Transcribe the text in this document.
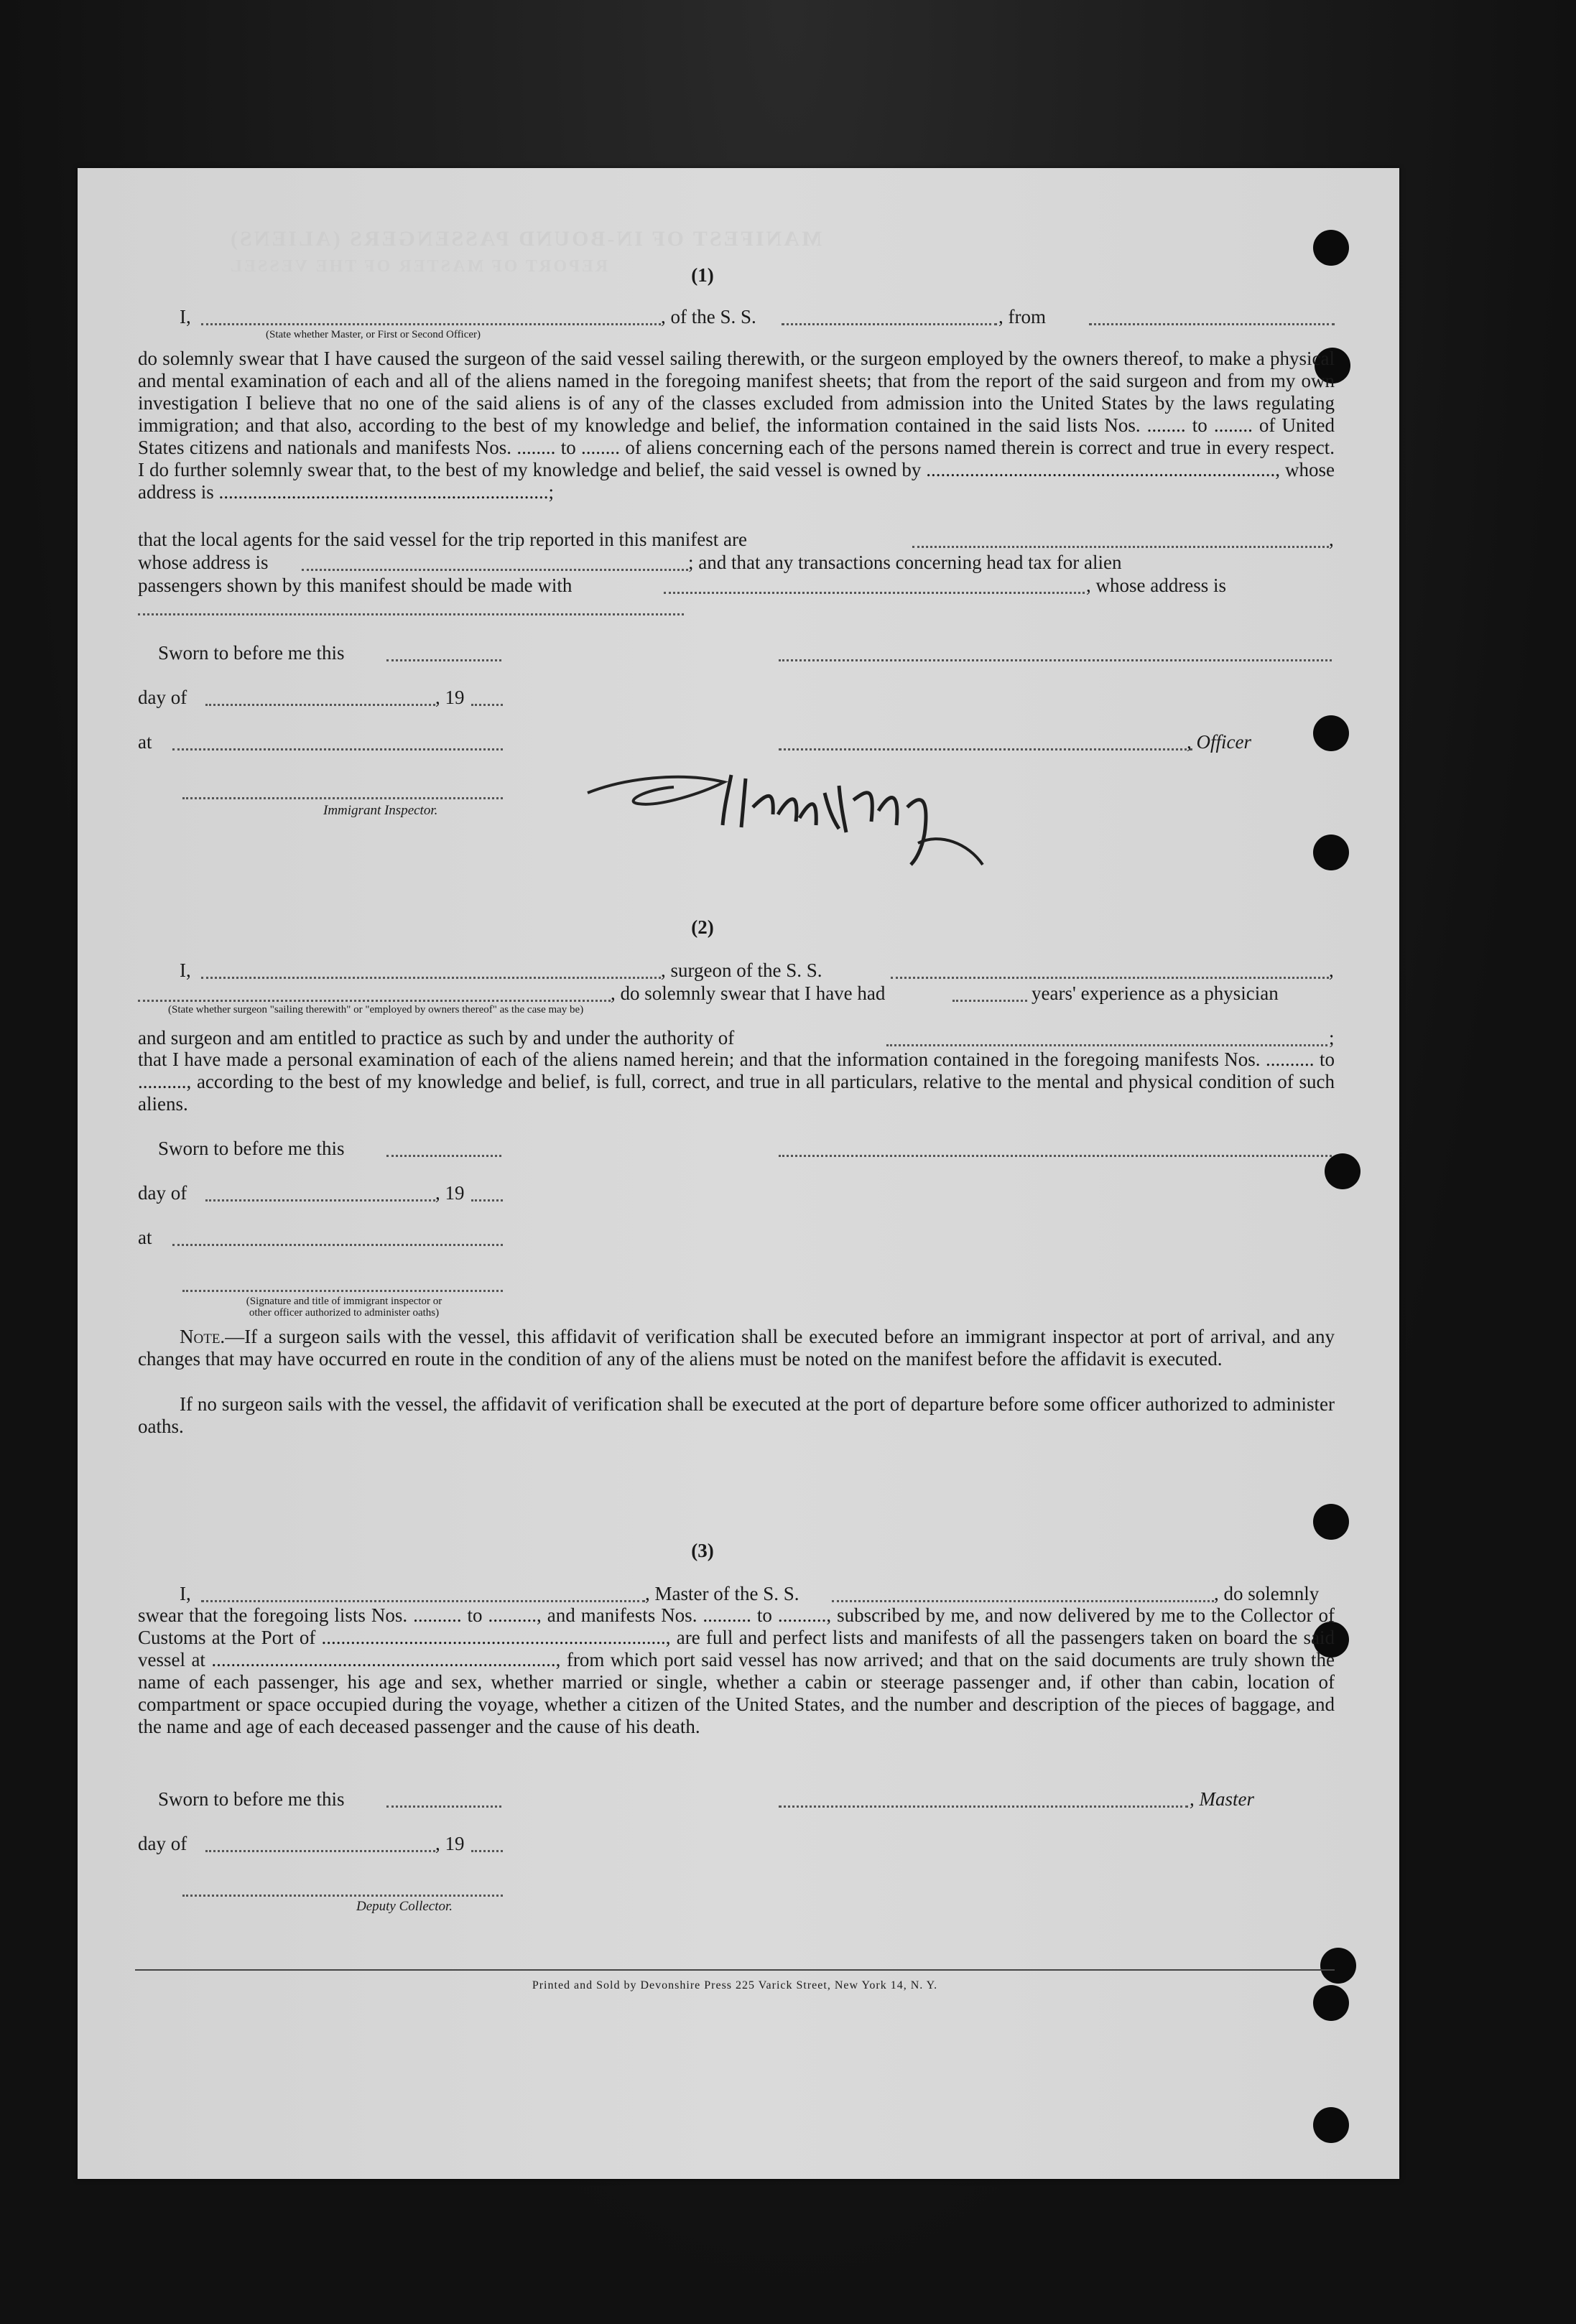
MANIFEST OF IN-BOUND PASSENGERS (ALIENS)
REPORT OF MASTER OF THE VESSEL	(1)
I,	, of the S. S.	, from
(State whether Master, or First or Second Officer)
do solemnly swear that I have caused the surgeon of the said vessel sailing therewith, or the surgeon employed by the owners thereof, to make a physical and mental examination of each and all of the aliens named in the foregoing manifest sheets; that from the report of the said surgeon and from my own investigation I believe that no one of the said aliens is of any of the classes excluded from admission into the United States by the laws regulating immigration; and that also, according to the best of my knowledge and belief, the information contained in the said lists Nos. ........ to ........ of United States citizens and nationals and manifests Nos. ........ to ........ of aliens concerning each of the persons named therein is correct and true in every respect. I do further solemnly swear that, to the best of my knowledge and belief, the said vessel is owned by ........................................................................, whose address is ....................................................................;
that the local agents for the said vessel for the trip reported in this manifest are	,
whose address is	; and that any transactions concerning head tax for alien
passengers shown by this manifest should be made with	, whose address is
Sworn to before me this
day of	, 19
at	, Officer
Immigrant Inspector.
(2)
I,	, surgeon of the S. S.	,
, do solemnly swear that I have had	years' experience as a physician
(State whether surgeon "sailing therewith" or "employed by owners thereof" as the case may be)
and surgeon and am entitled to practice as such by and under the authority of	;
that I have made a personal examination of each of the aliens named herein; and that the information contained in the foregoing manifests Nos. .......... to .........., according to the best of my knowledge and belief, is full, correct, and true in all particulars, relative to the mental and physical condition of such aliens.
Sworn to before me this
day of	, 19
at
(Signature and title of immigrant inspector or
other officer authorized to administer oaths)
Note.—If a surgeon sails with the vessel, this affidavit of verification shall be executed before an immigrant inspector at port of arrival, and any changes that may have occurred en route in the condition of any of the aliens must be noted on the manifest before the affidavit is executed.
If no surgeon sails with the vessel, the affidavit of verification shall be executed at the port of departure before some officer authorized to administer oaths.
(3)
I,	, Master of the S. S.	, do solemnly
swear that the foregoing lists Nos. .......... to .........., and manifests Nos. .......... to .........., subscribed by me, and now delivered by me to the Collector of Customs at the Port of ......................................................................., are full and perfect lists and manifests of all the passengers taken on board the said vessel at ......................................................................., from which port said vessel has now arrived; and that on the said documents are truly shown the name of each passenger, his age and sex, whether married or single, whether a cabin or steerage passenger and, if other than cabin, location of compartment or space occupied during the voyage, whether a citizen of the United States, and the number and description of the pieces of baggage, and the name and age of each deceased passenger and the cause of his death.
Sworn to before me this	, Master
day of	, 19
Deputy Collector.
Printed and Sold by Devonshire Press 225 Varick Street, New York 14, N. Y.
